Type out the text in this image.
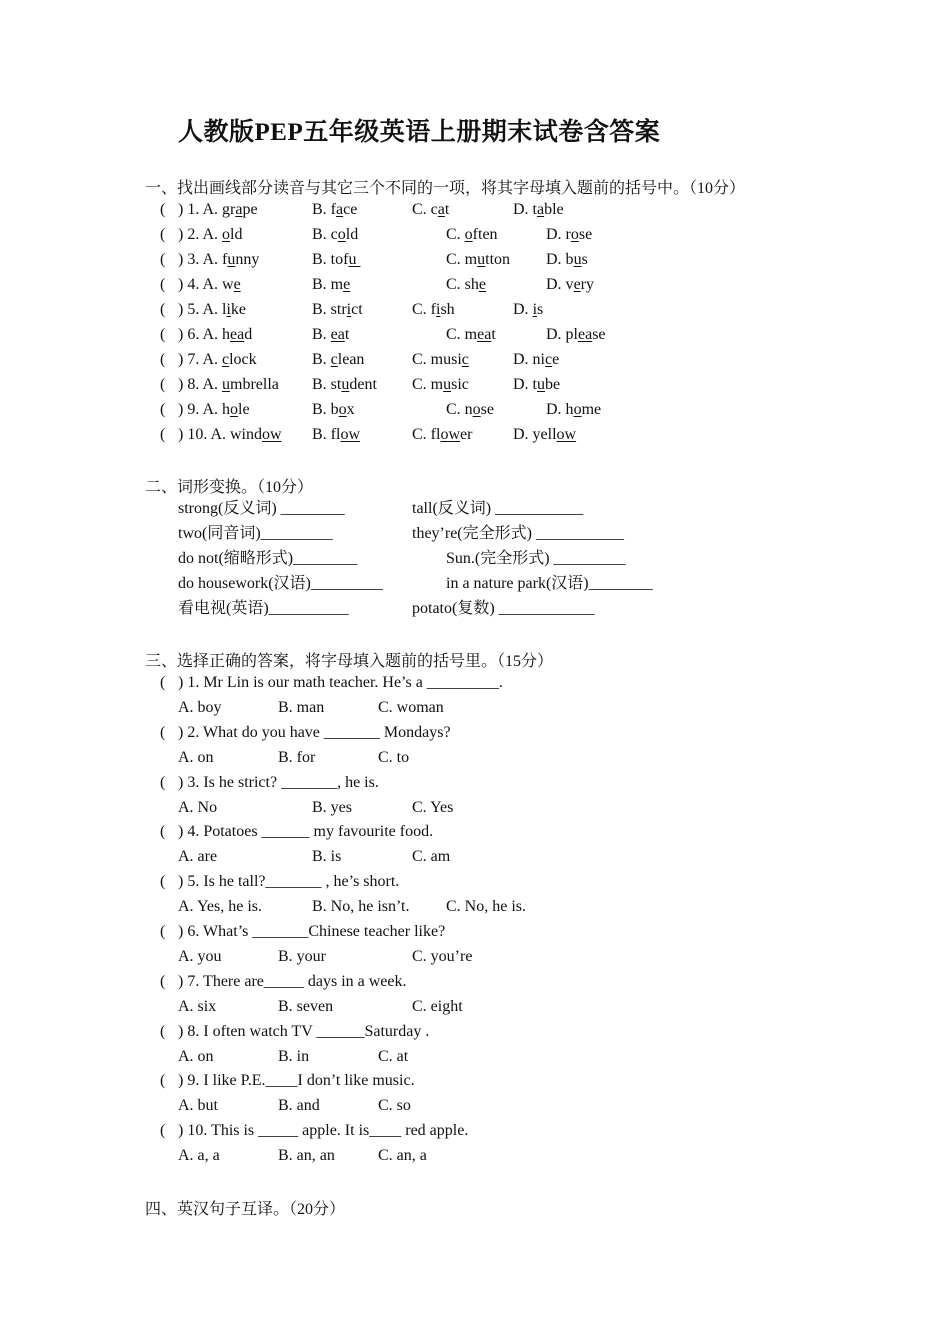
人教版PEP五年级英语上册期末试卷含答案
一、找出画线部分读音与其它三个不同的一项，将其字母填入题前的括号中。（10分）
( ) 1. A. grape	B. face	C. cat	D. table
( ) 2. A. old	B. cold	C. often	D. rose
( ) 3. A. funny	B. tofu	C. mutton D. bus
( ) 4. A. we	B. me	C. she	D. very
( ) 5. A. like	B. strict	C. fish	D. is
( ) 6. A. head	B. eat	C. meat	D. please
( ) 7. A. clock	B. clean	C. music	D. nice
( ) 8. A. umbrella B. student C. music	D. tube
( ) 9. A. hole	B. box	C. nose	D. home
( ) 10. A. window B. flow	C. flower	D. yellow
二、词形变换。（10分）
strong(反义词) ________	tall(反义词) ___________
two(同音词)_________	they’re(完全形式) ___________
do not(缩略形式)________	Sun.(完全形式) _________
do housework(汉语)_________	in a nature park(汉语)________
看电视(英语)__________	potato(复数) ____________
三、选择正确的答案，将字母填入题前的括号里。（15分）
( ) 1. Mr Lin is our math teacher. He’s a _________.
A. boy	B. man	C. woman
( ) 2. What do you have _______ Mondays?
A. on	B. for	C. to
( ) 3. Is he strict? _______, he is.
A. No	B. yes	C. Yes
( ) 4. Potatoes ______ my favourite food.
A. are	B. is	C. am
( ) 5. Is he tall?_______ , he’s short.
A. Yes, he is.	B. No, he isn’t. C. No, he is.
( ) 6. What’s _______Chinese teacher like?
A. you	B. your	C. you’re
( ) 7. There are_____ days in a week.
A. six	B. seven	C. eight
( ) 8. I often watch TV ______Saturday .
A. on	B. in	C. at
( ) 9. I like P.E.____I don’t like music.
A. but	B. and	C. so
( ) 10. This is _____ apple. It is____ red apple.
A. a, a	B. an, an	C. an, a
四、英汉句子互译。（20分）
